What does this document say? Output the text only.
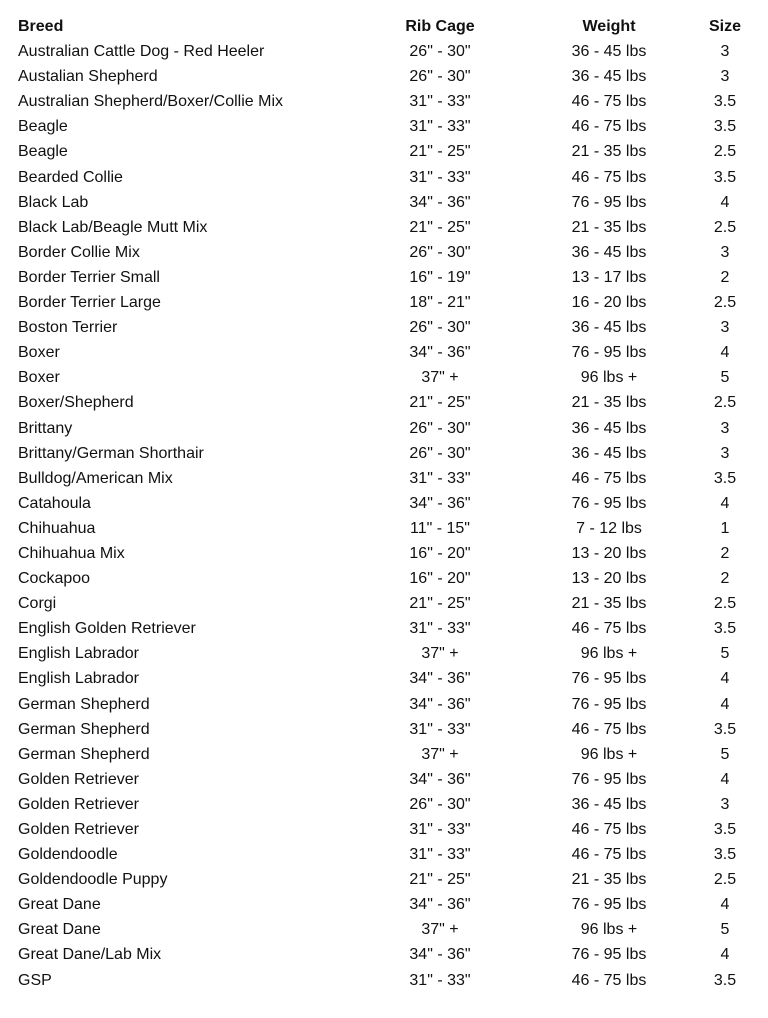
Breed	Rib Cage	Weight	Size
Australian Cattle Dog - Red Heeler	26" - 30"	36 - 45 lbs	3
Austalian Shepherd	26" - 30"	36 - 45 lbs	3
Australian Shepherd/Boxer/Collie Mix	31" - 33"	46 - 75 lbs	3.5
Beagle	31" - 33"	46 - 75 lbs	3.5
Beagle	21" - 25"	21 - 35 lbs	2.5
Bearded Collie	31" - 33"	46 - 75 lbs	3.5
Black Lab	34" - 36"	76 - 95 lbs	4
Black Lab/Beagle Mutt Mix	21" - 25"	21 - 35 lbs	2.5
Border Collie Mix	26" - 30"	36 - 45 lbs	3
Border Terrier Small	16" - 19"	13 - 17 lbs	2
Border Terrier Large	18" - 21"	16 - 20 lbs	2.5
Boston Terrier	26" - 30"	36 - 45 lbs	3
Boxer	34" - 36"	76 - 95 lbs	4
Boxer	37" +	96 lbs +	5
Boxer/Shepherd	21" - 25"	21 - 35 lbs	2.5
Brittany	26" - 30"	36 - 45 lbs	3
Brittany/German Shorthair	26" - 30"	36 - 45 lbs	3
Bulldog/American Mix	31" - 33"	46 - 75 lbs	3.5
Catahoula	34" - 36"	76 - 95 lbs	4
Chihuahua	11" - 15"	7 - 12 lbs	1
Chihuahua Mix	16" - 20"	13 - 20 lbs	2
Cockapoo	16" - 20"	13 - 20 lbs	2
Corgi	21" - 25"	21 - 35 lbs	2.5
English Golden Retriever	31" - 33"	46 - 75 lbs	3.5
English Labrador	37" +	96 lbs +	5
English Labrador	34" - 36"	76 - 95 lbs	4
German Shepherd	34" - 36"	76 - 95 lbs	4
German Shepherd	31" - 33"	46 - 75 lbs	3.5
German Shepherd	37" +	96 lbs +	5
Golden Retriever	34" - 36"	76 - 95 lbs	4
Golden Retriever	26" - 30"	36 - 45 lbs	3
Golden Retriever	31" - 33"	46 - 75 lbs	3.5
Goldendoodle	31" - 33"	46 - 75 lbs	3.5
Goldendoodle Puppy	21" - 25"	21 - 35 lbs	2.5
Great Dane	34" - 36"	76 - 95 lbs	4
Great Dane	37" +	96 lbs +	5
Great Dane/Lab Mix	34" - 36"	76 - 95 lbs	4
GSP	31" - 33"	46 - 75 lbs	3.5
